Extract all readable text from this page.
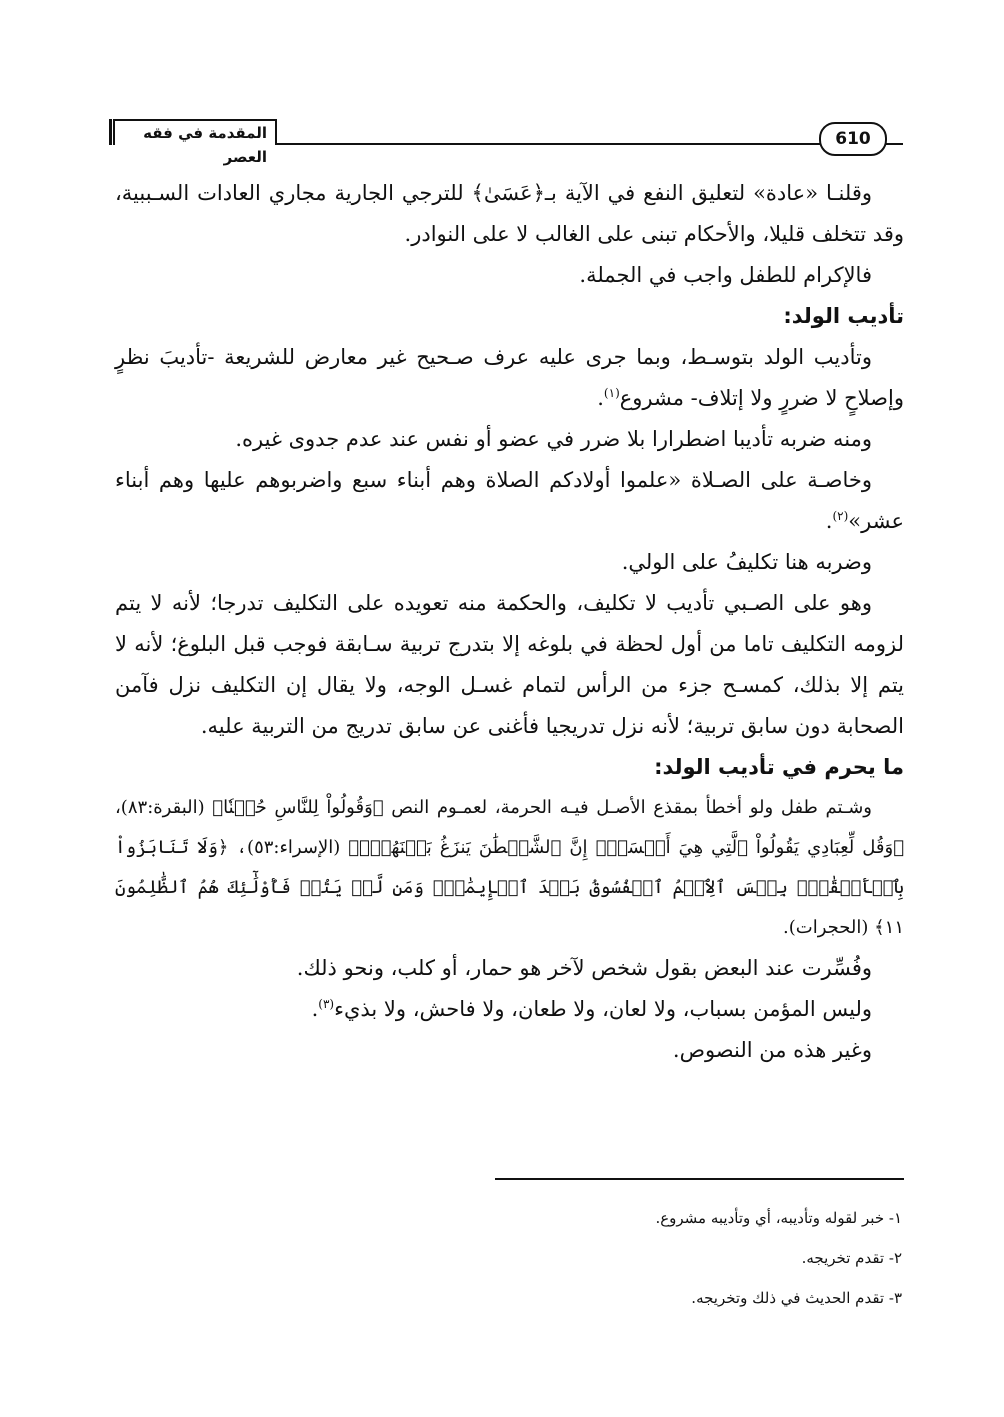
المقدمة في فقه العصر
610

وقلنـا «عادة» لتعليق النفع في الآية بـ﴿عَسَىٰ﴾ للترجي الجارية مجاري العادات السـببية، وقد تتخلف قليلا، والأحكام تبنى على الغالب لا على النوادر.

فالإكرام للطفل واجب في الجملة.

تأديب الولد:

وتأديب الولد بتوسـط، وبما جرى عليه عرف صـحيح غير معارض للشريعة -تأديبَ نظرٍ وإصلاحٍ لا ضررٍ ولا إتلاف- مشروع$^{(١)}$.

ومنه ضربه تأديبا اضطرارا بلا ضرر في عضو أو نفس عند عدم جدوى غيره.

وخاصـة على الصـلاة «علموا أولادكم الصلاة وهم أبناء سبع واضربوهم عليها وهم أبناء عشر»$^{(٢)}$.

وضربه هنا تكليفُ على الولي.

وهو على الصـبي تأديب لا تكليف، والحكمة منه تعويده على التكليف تدرجا؛ لأنه لا يتم لزومه التكليف تاما من أول لحظة في بلوغه إلا بتدرج تربية سـابقة فوجب قبل البلوغ؛ لأنه لا يتم إلا بذلك، كمسـح جزء من الرأس لتمام غسـل الوجه، ولا يقال إن التكليف نزل فآمن الصحابة دون سابق تربية؛ لأنه نزل تدريجيا فأغنى عن سابق تدريج من التربية عليه.

ما يحرم في تأديب الولد:

وشـتم طفل ولو أخطأ بمقذع الأصـل فيـه الحرمة، لعمـوم النص ﴿وَقُولُواْ لِلنَّاسِ حُسۡنٗا﴾ (البقرة:٨٣)، ﴿وَقُل لِّعِبَادِي يَقُولُواْ ٱلَّتِي هِيَ أَحۡسَنُۚ إِنَّ ٱلشَّيۡطَٰنَ يَنزَغُ بَيۡنَهُمۡۚ﴾ (الإسراء:٥٣)، ﴿وَلَا تَنَابَزُواْ بِٱلۡأَلۡقَٰبِۖ بِئۡسَ ٱلِٱسۡمُ ٱلۡفُسُوقُ بَعۡدَ ٱلۡإِيمَٰنِۚ وَمَن لَّمۡ يَتُبۡ فَأُوْلَٰٓئِكَ هُمُ ٱلظَّٰلِمُونَ ١١﴾ (الحجرات).

وفُسِّرت عند البعض بقول شخص لآخر هو حمار، أو كلب، ونحو ذلك.

وليس المؤمن بسباب، ولا لعان، ولا طعان، ولا فاحش، ولا بذيء$^{(٣)}$.

وغير هذه من النصوص.

١- خبر لقوله وتأديبه، أي وتأديبه مشروع.

٢- تقدم تخريجه.

٣- تقدم الحديث في ذلك وتخريجه.
